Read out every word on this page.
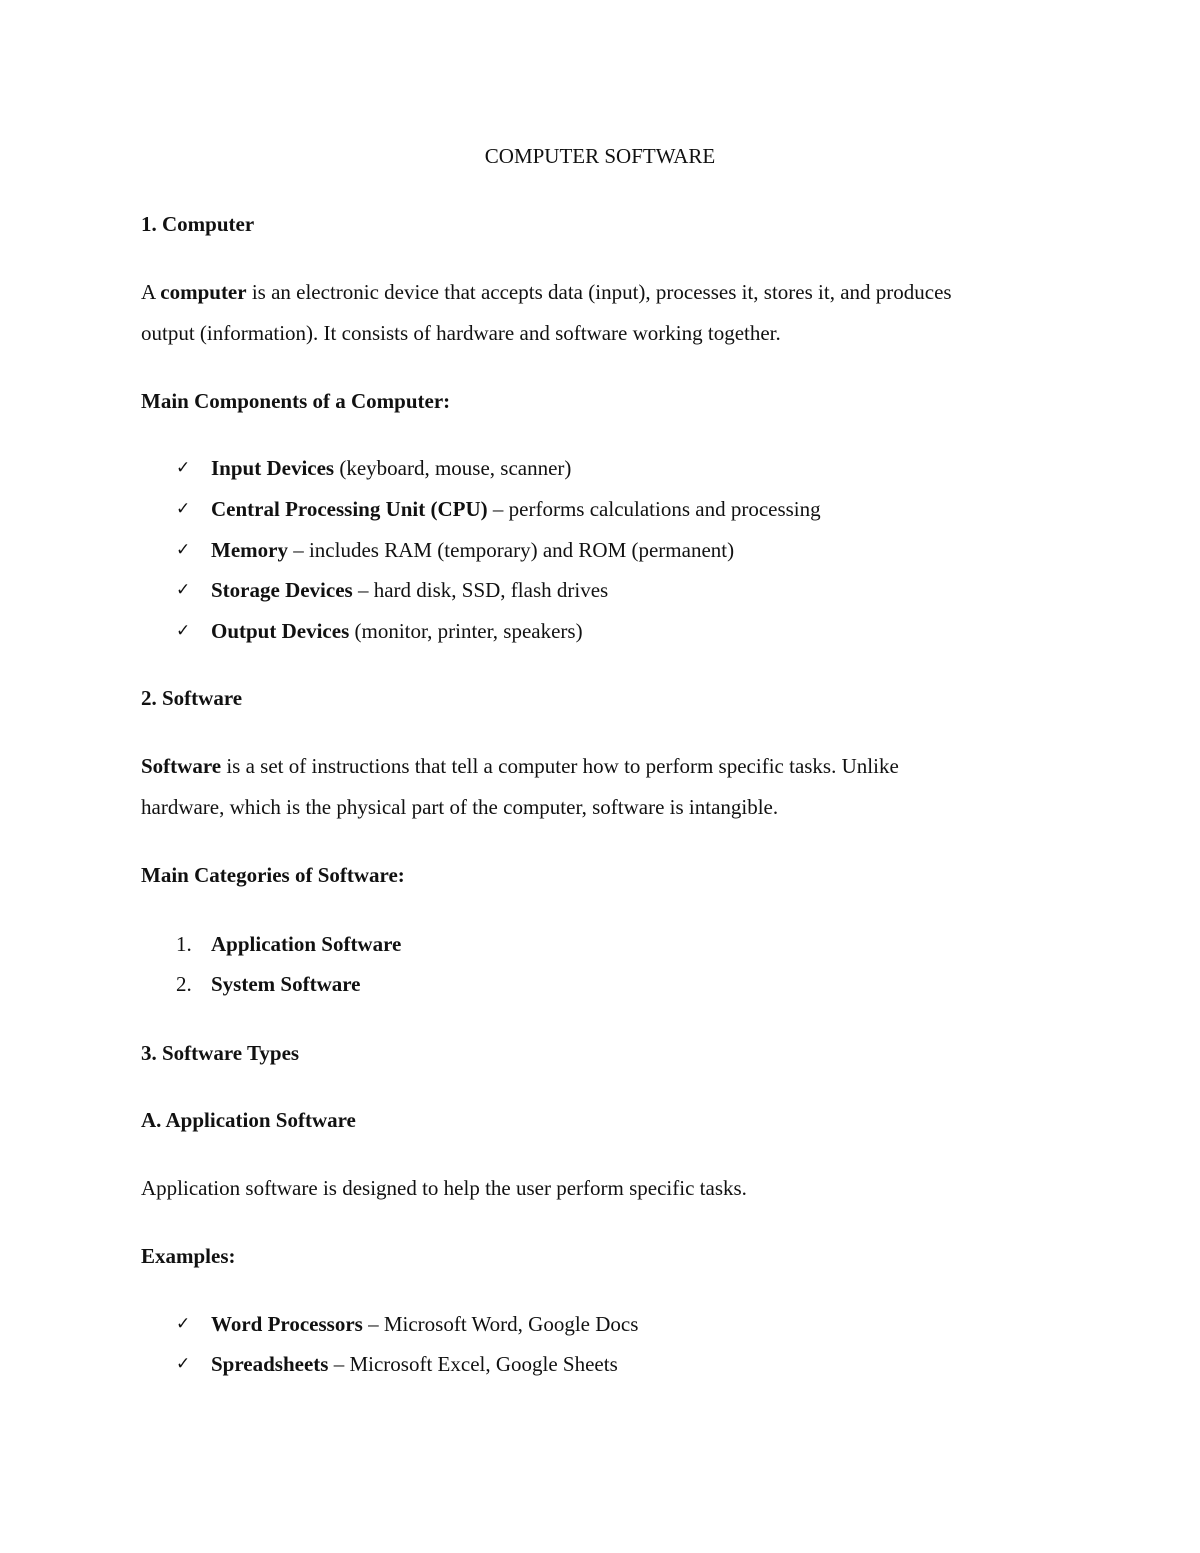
COMPUTER SOFTWARE
1. Computer
A computer is an electronic device that accepts data (input), processes it, stores it, and produces
output (information). It consists of hardware and software working together.
Main Components of a Computer:
✓ Input Devices (keyboard, mouse, scanner)
✓ Central Processing Unit (CPU) – performs calculations and processing
✓ Memory – includes RAM (temporary) and ROM (permanent)
✓ Storage Devices – hard disk, SSD, flash drives
✓ Output Devices (monitor, printer, speakers)
2. Software
Software is a set of instructions that tell a computer how to perform specific tasks. Unlike
hardware, which is the physical part of the computer, software is intangible.
Main Categories of Software:
1. Application Software
2. System Software
3. Software Types
A. Application Software
Application software is designed to help the user perform specific tasks.
Examples:
✓ Word Processors – Microsoft Word, Google Docs
✓ Spreadsheets – Microsoft Excel, Google Sheets
